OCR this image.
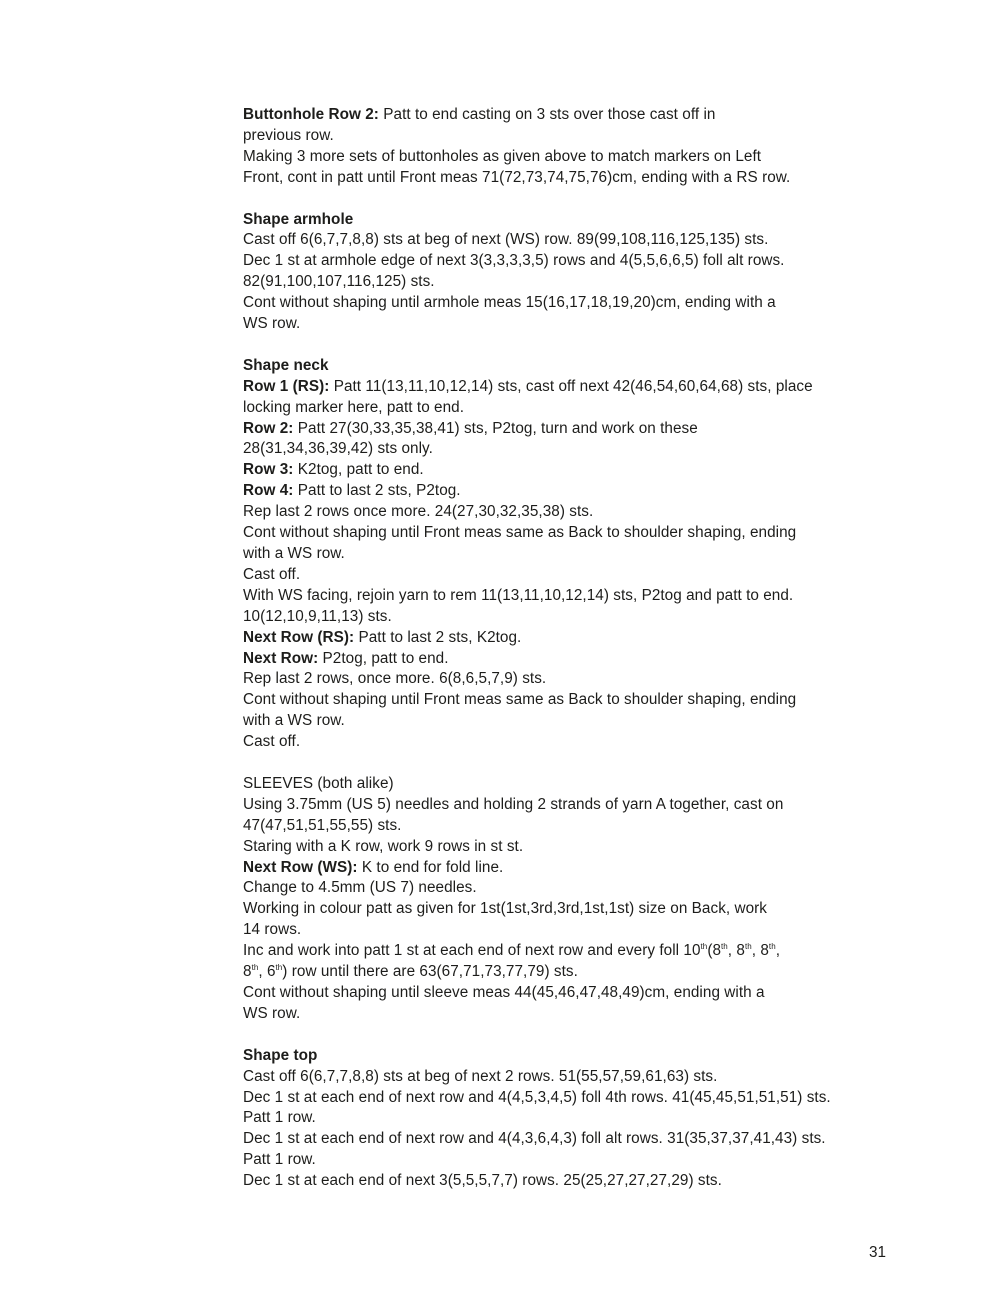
Buttonhole Row 2: Patt to end casting on 3 sts over those cast off in
previous row.
Making 3 more sets of buttonholes as given above to match markers on Left
Front, cont in patt until Front meas 71(72,73,74,75,76)cm, ending with a RS row.
Shape armhole
Cast off 6(6,7,7,8,8) sts at beg of next (WS) row. 89(99,108,116,125,135) sts.
Dec 1 st at armhole edge of next 3(3,3,3,3,5) rows and 4(5,5,6,6,5) foll alt rows.
82(91,100,107,116,125) sts.
Cont without shaping until armhole meas 15(16,17,18,19,20)cm, ending with a
WS row.
Shape neck
Row 1 (RS): Patt 11(13,11,10,12,14) sts, cast off next 42(46,54,60,64,68) sts, place
locking marker here, patt to end.
Row 2: Patt 27(30,33,35,38,41) sts, P2tog, turn and work on these
28(31,34,36,39,42) sts only.
Row 3: K2tog, patt to end.
Row 4: Patt to last 2 sts, P2tog.
Rep last 2 rows once more. 24(27,30,32,35,38) sts.
Cont without shaping until Front meas same as Back to shoulder shaping, ending
with a WS row.
Cast off.
With WS facing, rejoin yarn to rem 11(13,11,10,12,14) sts, P2tog and patt to end.
10(12,10,9,11,13) sts.
Next Row (RS): Patt to last 2 sts, K2tog.
Next Row: P2tog, patt to end.
Rep last 2 rows, once more. 6(8,6,5,7,9) sts.
Cont without shaping until Front meas same as Back to shoulder shaping, ending
with a WS row.
Cast off.
SLEEVES (both alike)
Using 3.75mm (US 5) needles and holding 2 strands of yarn A together, cast on
47(47,51,51,55,55) sts.
Staring with a K row, work 9 rows in st st.
Next Row (WS): K to end for fold line.
Change to 4.5mm (US 7) needles.
Working in colour patt as given for 1st(1st,3rd,3rd,1st,1st) size on Back, work
14 rows.
Inc and work into patt 1 st at each end of next row and every foll 10th(8th, 8th, 8th,
8th, 6th) row until there are 63(67,71,73,77,79) sts.
Cont without shaping until sleeve meas 44(45,46,47,48,49)cm, ending with a
WS row.
Shape top
Cast off 6(6,7,7,8,8) sts at beg of next 2 rows. 51(55,57,59,61,63) sts.
Dec 1 st at each end of next row and 4(4,5,3,4,5) foll 4th rows. 41(45,45,51,51,51) sts.
Patt 1 row.
Dec 1 st at each end of next row and 4(4,3,6,4,3) foll alt rows. 31(35,37,37,41,43) sts.
Patt 1 row.
Dec 1 st at each end of next 3(5,5,5,7,7) rows. 25(25,27,27,27,29) sts.
31
